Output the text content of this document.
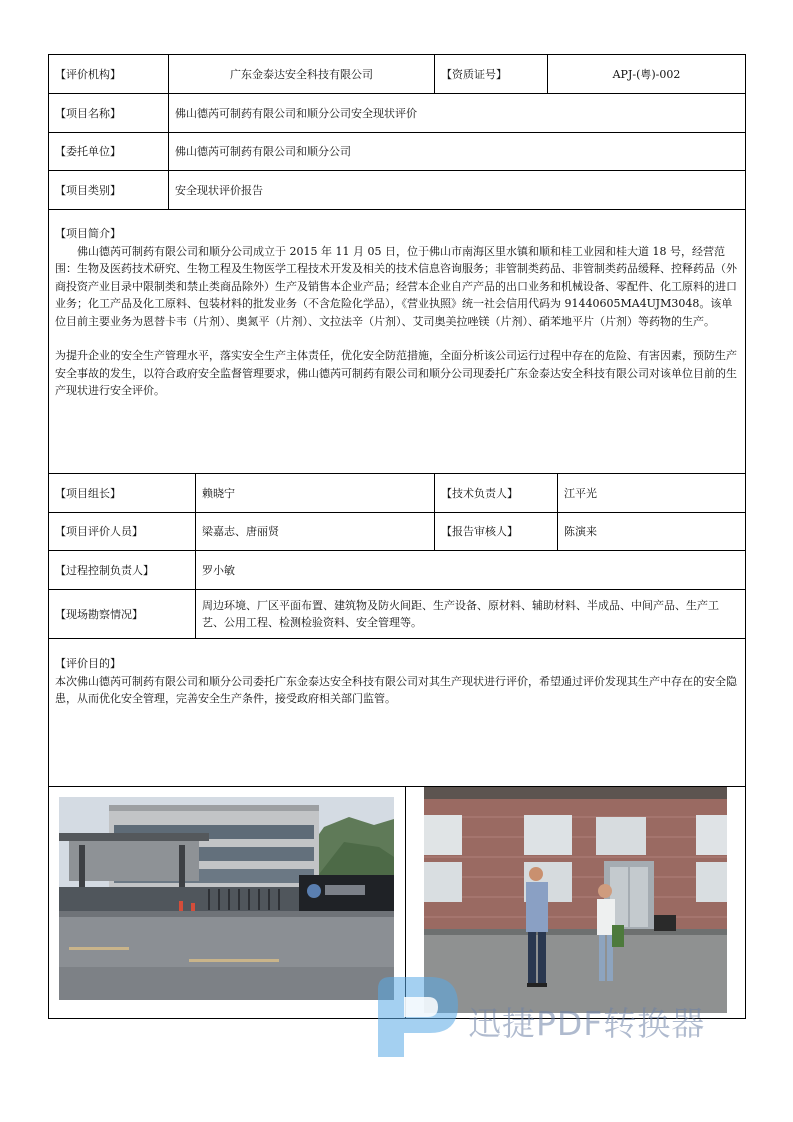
【评价机构】	广东金泰达安全科技有限公司	【资质证号】	APJ-(粤)-002
【项目名称】	佛山德芮可制药有限公司和顺分公司安全现状评价
【委托单位】	佛山德芮可制药有限公司和顺分公司
【项目类别】	安全现状评价报告

【项目简介】

佛山德芮可制药有限公司和顺分公司成立于 2015 年 11 月 05 日，位于佛山市南海区里水镇和顺和桂工业园和桂大道 18 号，经营范围：生物及医药技术研究、生物工程及生物医学工程技术开发及相关的技术信息咨询服务；非管制类药品、非管制类药品缓释、控释药品（外商投资产业目录中限制类和禁止类商品除外）生产及销售本企业产品；经营本企业自产产品的出口业务和机械设备、零配件、化工原料的进口业务；化工产品及化工原料、包装材料的批发业务（不含危险化学品），《营业执照》统一社会信用代码为 91440605MA4UJM3048。该单位目前主要业务为恩替卡韦（片剂）、奥氮平（片剂）、文拉法辛（片剂）、艾司奥美拉唑镁（片剂）、硝苯地平片（片剂）等药物的生产。

为提升企业的安全生产管理水平，落实安全生产主体责任，优化安全防范措施，全面分析该公司运行过程中存在的危险、有害因素，预防生产安全事故的发生，以符合政府安全监督管理要求，佛山德芮可制药有限公司和顺分公司现委托广东金泰达安全科技有限公司对该单位目前的生产现状进行安全评价。

【项目组长】	赖晓宁	【技术负责人】	江平光
【项目评价人员】	梁嘉志、唐丽贤	【报告审核人】	陈演来
【过程控制负责人】	罗小敏
【现场勘察情况】
周边环境、厂区平面布置、建筑物及防火间距、生产设备、原材料、辅助材料、半成品、中间产品、生产工艺、公用工程、检测检验资料、安全管理等。

【评价目的】

本次佛山德芮可制药有限公司和顺分公司委托广东金泰达安全科技有限公司对其生产现状进行评价，希望通过评价发现其生产中存在的安全隐患，从而优化安全管理，完善安全生产条件，接受政府相关部门监管。

迅捷PDF转换器
